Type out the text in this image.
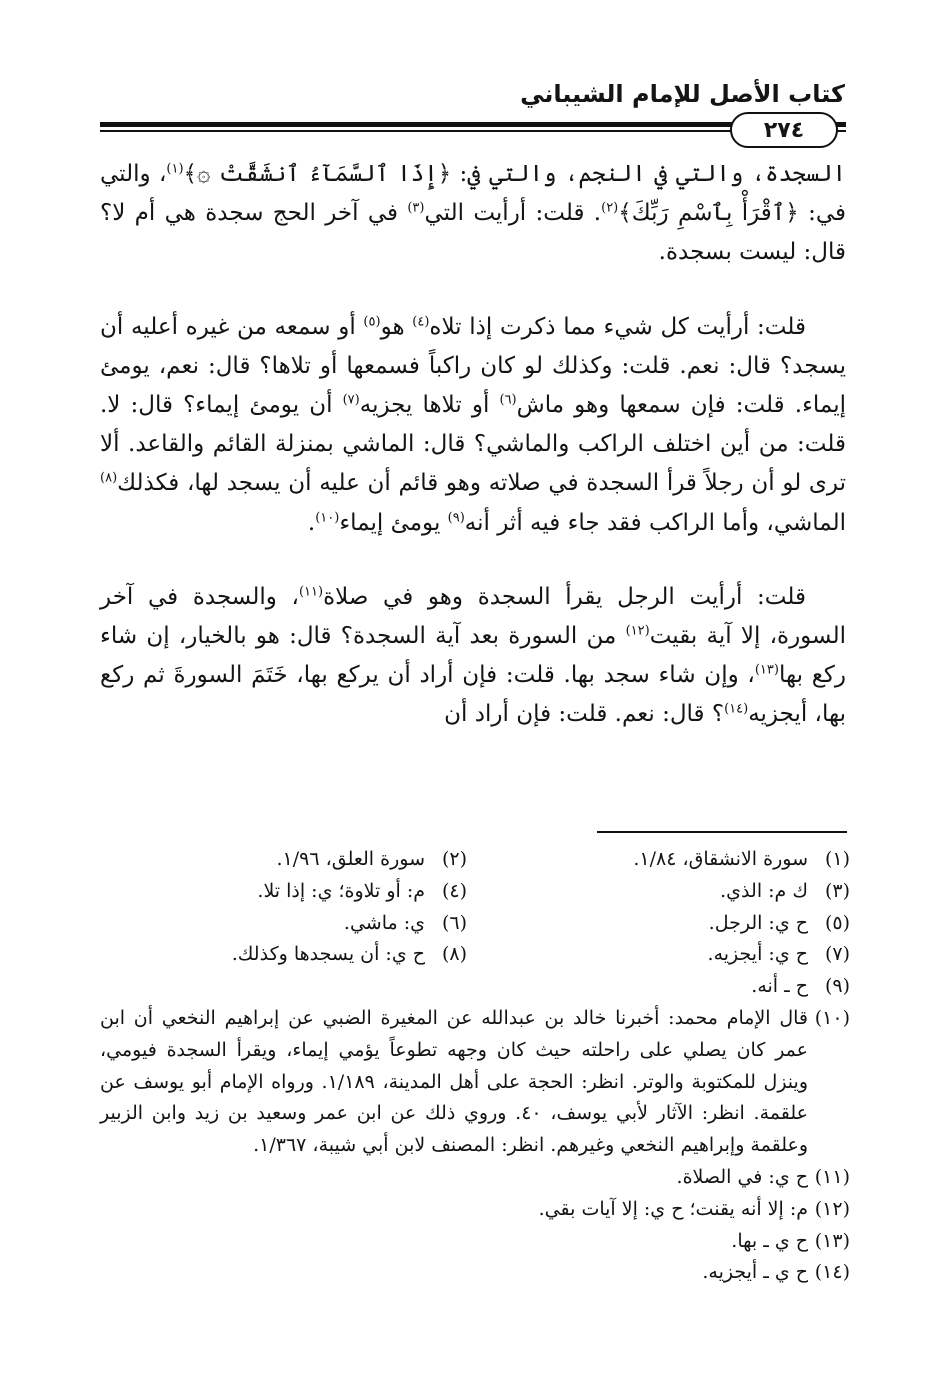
كتاب الأصل للإمام الشيباني
٢٧٤

السجدة، والتي في النجم، والتي في: ﴿إِذَا ٱلسَّمَآءُ ٱنشَقَّتْ ۞﴾$^{(١)}$، والتي في: ﴿ٱقْرَأْ بِٱسْمِ رَبِّكَ﴾$^{(٢)}$. قلت: أرأيت التي$^{(٣)}$ في آخر الحج سجدة هي أم لا؟ قال: ليست بسجدة.

قلت: أرأيت كل شيء مما ذكرت إذا تلاه$^{(٤)}$ هو$^{(٥)}$ أو سمعه من غيره أعليه أن يسجد؟ قال: نعم. قلت: وكذلك لو كان راكباً فسمعها أو تلاها؟ قال: نعم، يومئ إيماء. قلت: فإن سمعها وهو ماش$^{(٦)}$ أو تلاها يجزيه$^{(٧)}$ أن يومئ إيماء؟ قال: لا. قلت: من أين اختلف الراكب والماشي؟ قال: الماشي بمنزلة القائم والقاعد. ألا ترى لو أن رجلاً قرأ السجدة في صلاته وهو قائم أن عليه أن يسجد لها، فكذلك$^{(٨)}$ الماشي، وأما الراكب فقد جاء فيه أثر أنه$^{(٩)}$ يومئ إيماء$^{(١٠)}$.

قلت: أرأيت الرجل يقرأ السجدة وهو في صلاة$^{(١١)}$، والسجدة في آخر السورة، إلا آية بقيت$^{(١٢)}$ من السورة بعد آية السجدة؟ قال: هو بالخيار، إن شاء ركع بها$^{(١٣)}$، وإن شاء سجد بها. قلت: فإن أراد أن يركع بها، خَتَمَ السورةَ ثم ركع بها، أيجزيه$^{(١٤)}$؟ قال: نعم. قلت: فإن أراد أن

(١)
سورة الانشقاق، ١/٨٤.
(٢)
سورة العلق، ١/٩٦.
(٣)
ك م: الذي.
(٤)
م: أو تلاوة؛ ي: إذا تلا.
(٥)
ح ي: الرجل.
(٦)
ي: ماشي.
(٧)
ح ي: أيجزيه.
(٨)
ح ي: أن يسجدها وكذلك.
(٩)
ح ـ أنه.
(١٠)
قال الإمام محمد: أخبرنا خالد بن عبدالله عن المغيرة الضبي عن إبراهيم النخعي أن ابن عمر كان يصلي على راحلته حيث كان وجهه تطوعاً يؤمي إيماء، ويقرأ السجدة فيومي، وينزل للمكتوبة والوتر. انظر: الحجة على أهل المدينة، ١/١٨٩. ورواه الإمام أبو يوسف عن علقمة. انظر: الآثار لأبي يوسف، ٤٠. وروي ذلك عن ابن عمر وسعيد بن زيد وابن الزبير وعلقمة وإبراهيم النخعي وغيرهم. انظر: المصنف لابن أبي شيبة، ١/٣٦٧.
(١١)
ح ي: في الصلاة.
(١٢)
م: إلا أنه يقنت؛ ح ي: إلا آيات بقي.
(١٣)
ح ي ـ بها.
(١٤)
ح ي ـ أيجزيه.
